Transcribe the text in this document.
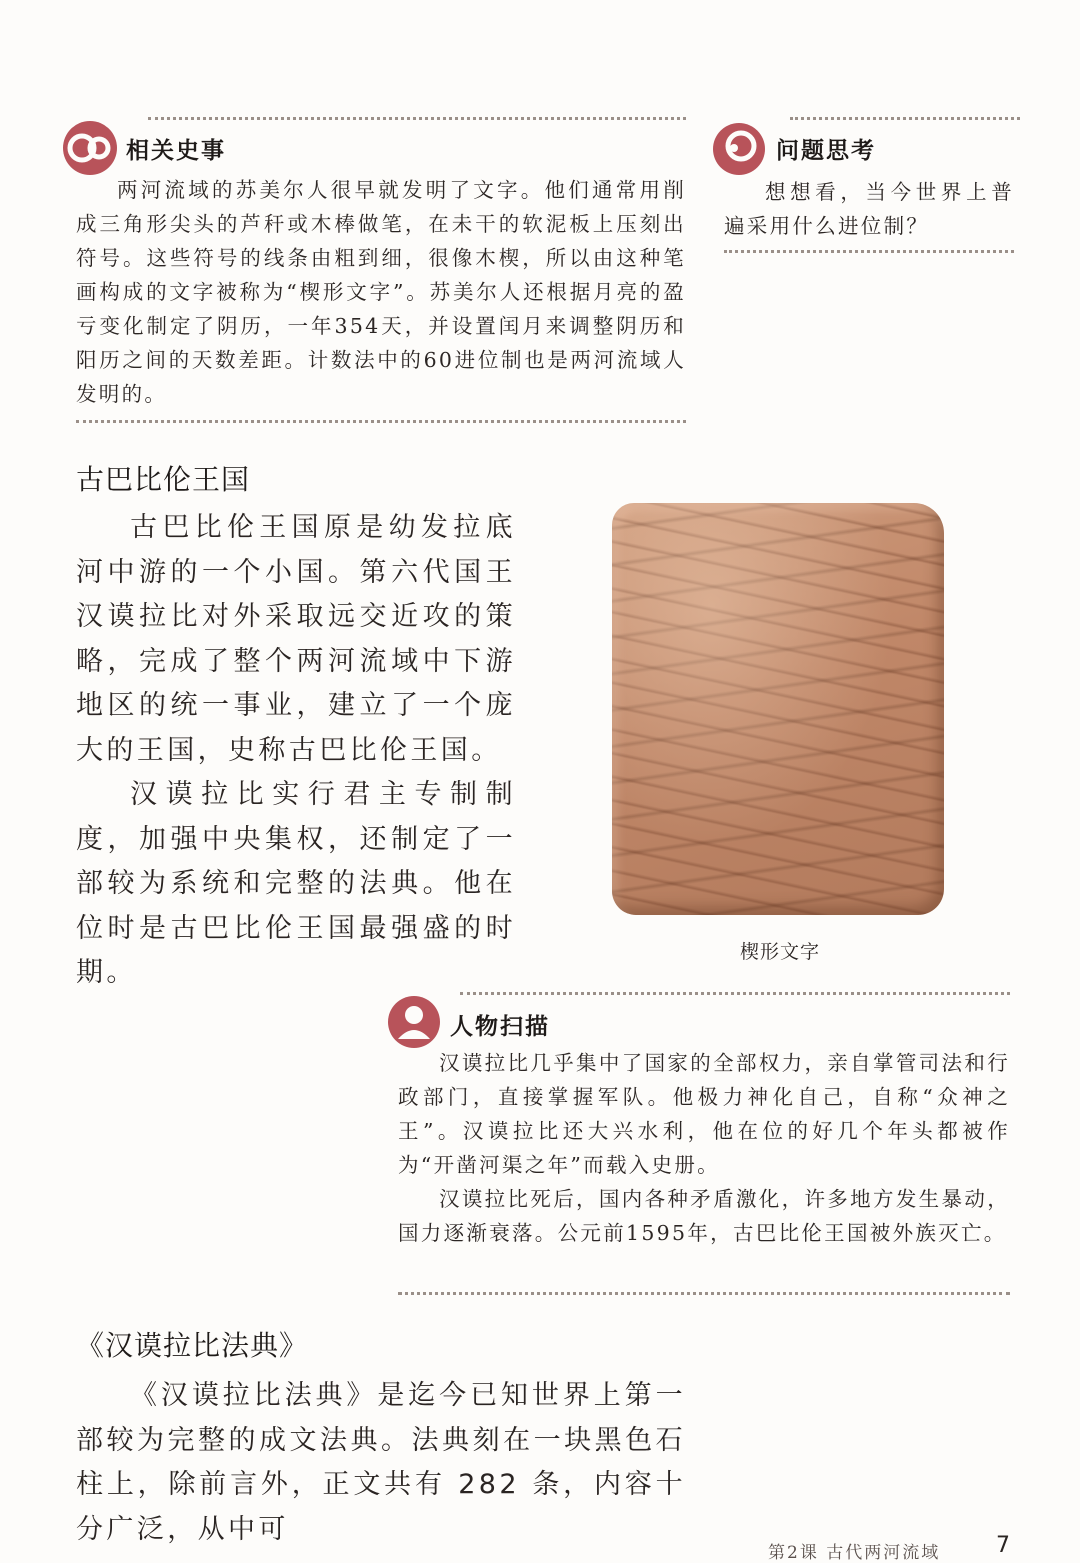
相关史事
两河流域的苏美尔人很早就发明了文字。他们通常用削成三角形尖头的芦秆或木棒做笔，在未干的软泥板上压刻出符号。这些符号的线条由粗到细，很像木楔，所以由这种笔画构成的文字被称为“楔形文字”。苏美尔人还根据月亮的盈亏变化制定了阴历，一年354天，并设置闰月来调整阴历和阳历之间的天数差距。计数法中的60进位制也是两河流域人发明的。
问题思考
想想看，当今世界上普遍采用什么进位制？
古巴比伦王国

古巴比伦王国原是幼发拉底河中游的一个小国。第六代国王汉谟拉比对外采取远交近攻的策略，完成了整个两河流域中下游地区的统一事业，建立了一个庞大的王国，史称古巴比伦王国。

汉谟拉比实行君主专制制度，加强中央集权，还制定了一部较为系统和完整的法典。他在位时是古巴比伦王国最强盛的时期。

楔形文字
人物扫描

汉谟拉比几乎集中了国家的全部权力，亲自掌管司法和行政部门，直接掌握军队。他极力神化自己，自称“众神之王”。汉谟拉比还大兴水利，他在位的好几个年头都被作为“开凿河渠之年”而载入史册。

汉谟拉比死后，国内各种矛盾激化，许多地方发生暴动，国力逐渐衰落。公元前1595年，古巴比伦王国被外族灭亡。

《汉谟拉比法典》

《汉谟拉比法典》是迄今已知世界上第一部较为完整的成文法典。法典刻在一块黑色石柱上，除前言外，正文共有 282 条，内容十分广泛，从中可

第2课 古代两河流域	7
